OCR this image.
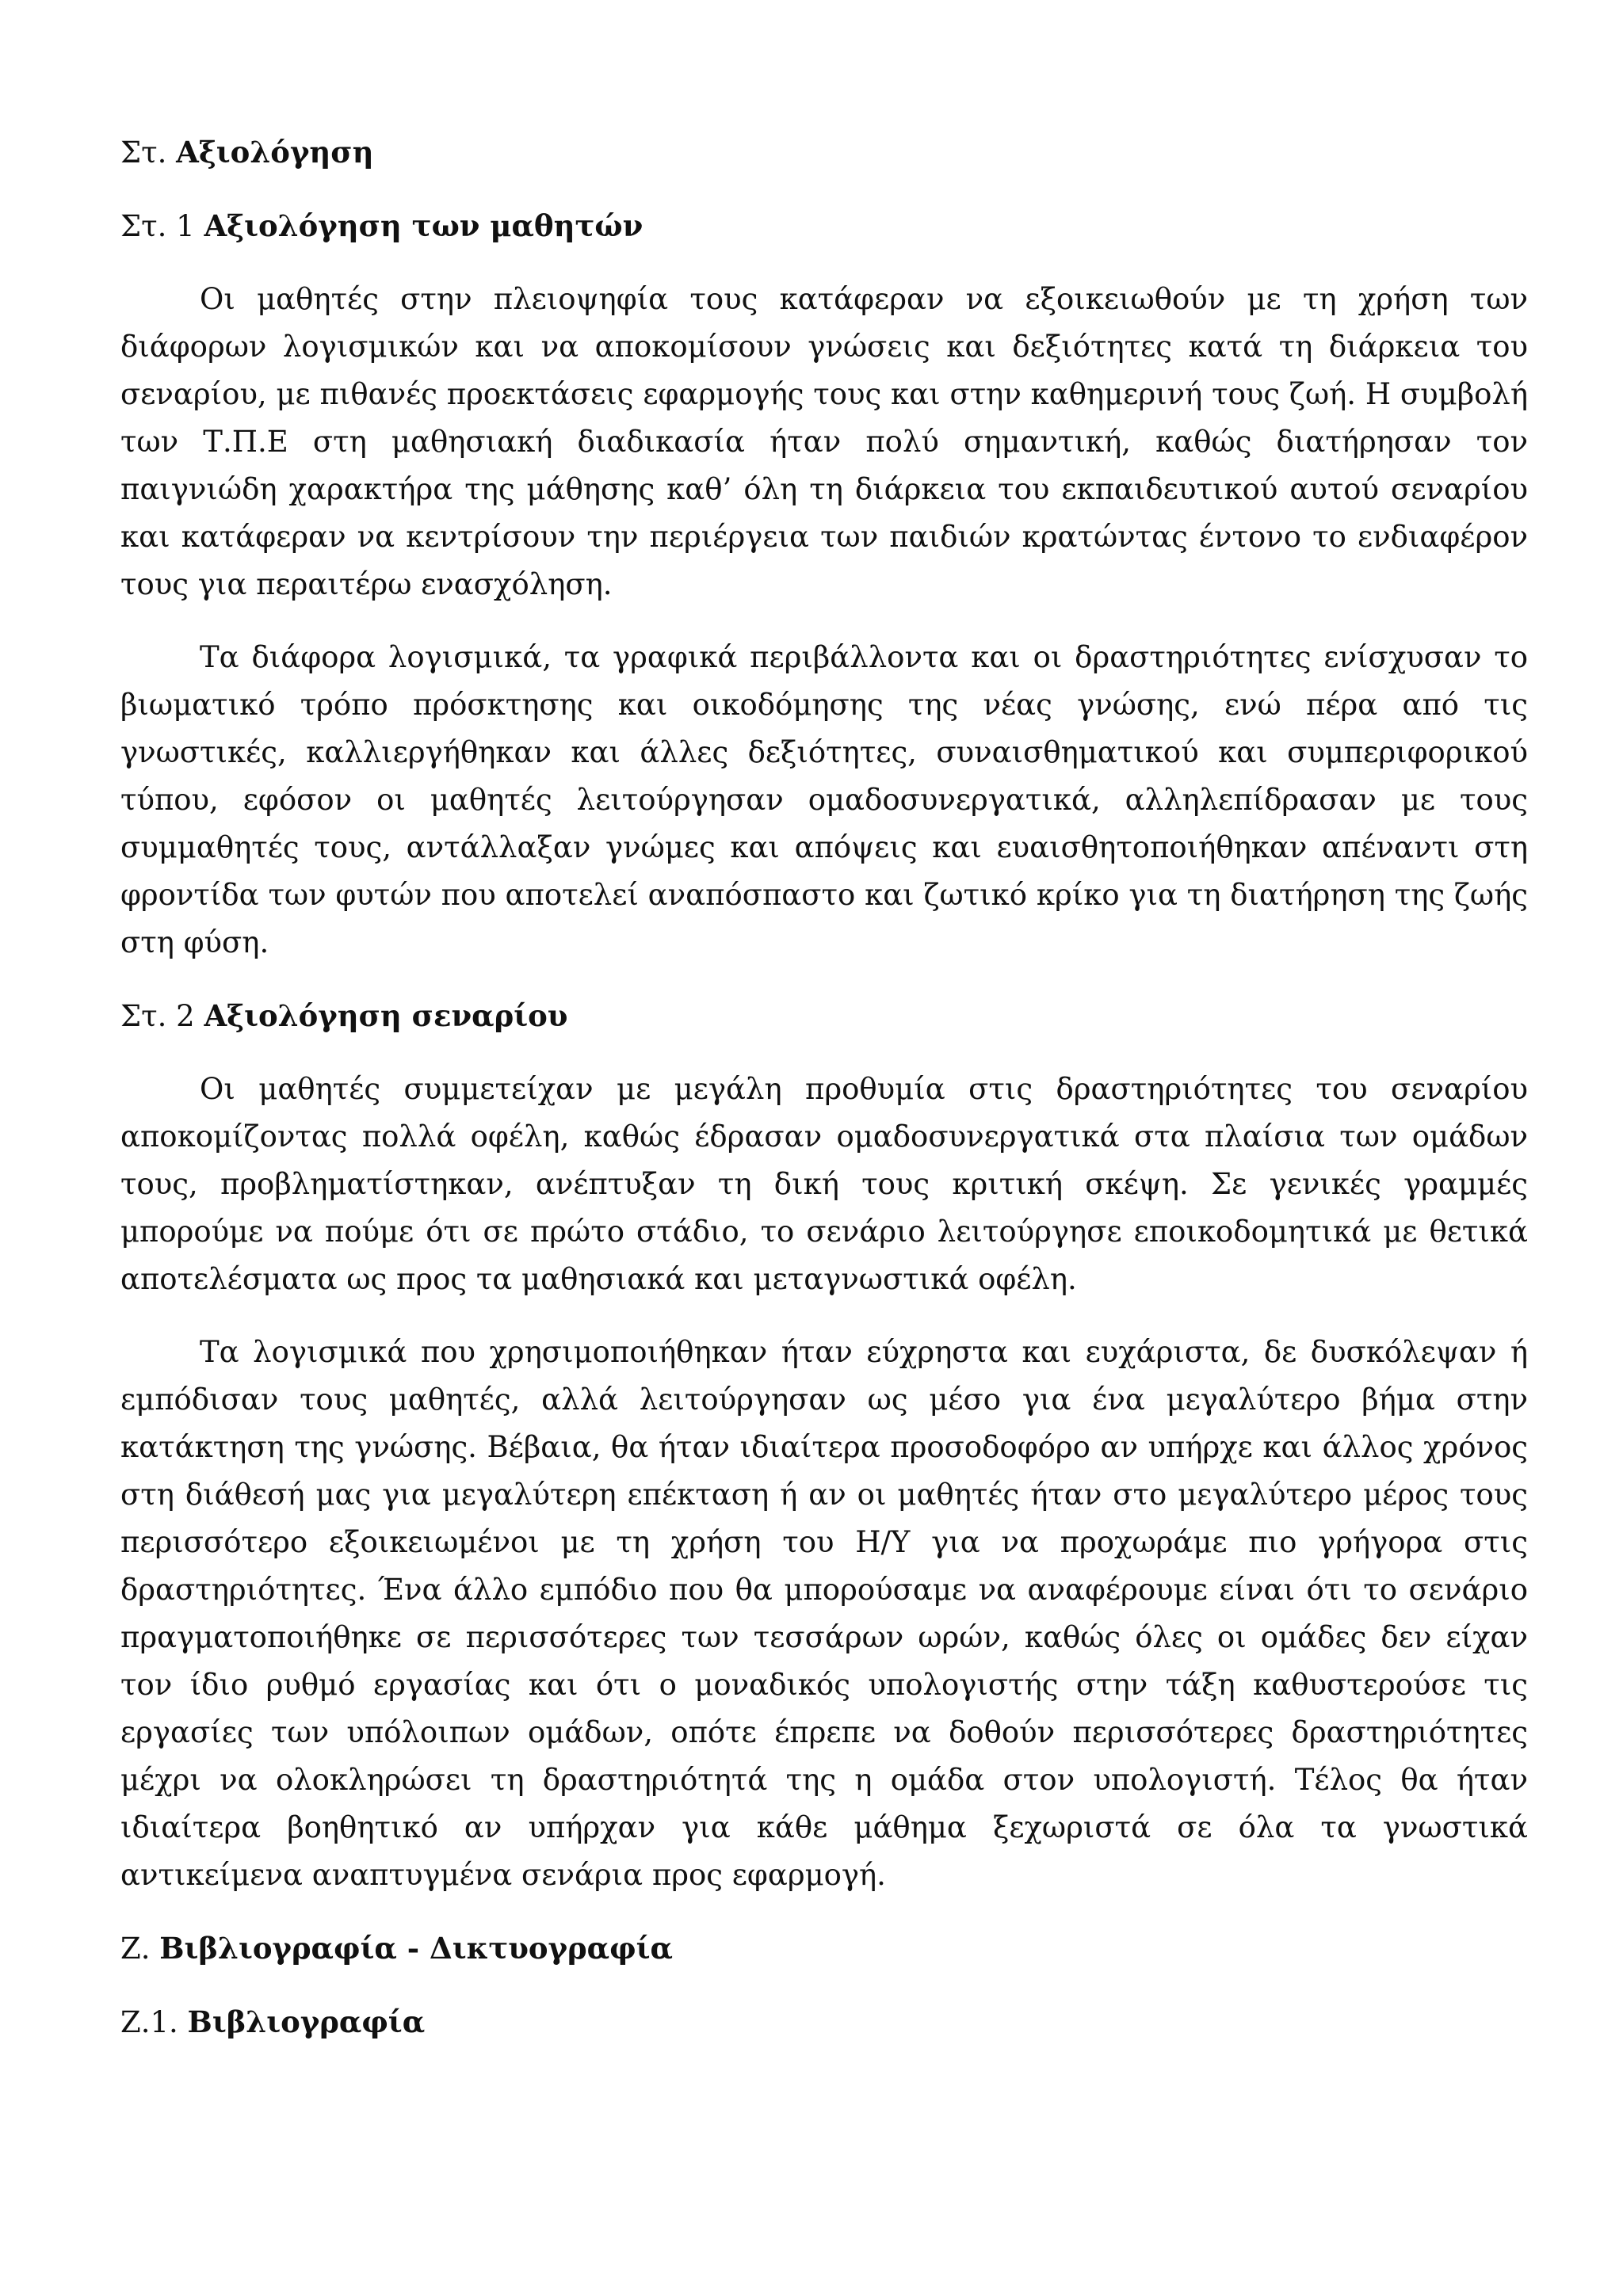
Στ. Αξιολόγηση

Στ. 1 Αξιολόγηση των μαθητών

Οι μαθητές στην πλειοψηφία τους κατάφεραν να εξοικειωθούν με τη χρήση των διάφορων λογισμικών και να αποκομίσουν γνώσεις και δεξιότητες κατά τη διάρκεια του σεναρίου, με πιθανές προεκτάσεις εφαρμογής τους και στην καθημερινή τους ζωή. Η συμβολή των Τ.Π.Ε στη μαθησιακή διαδικασία ήταν πολύ σημαντική, καθώς διατήρησαν τον παιγνιώδη χαρακτήρα της μάθησης καθ’ όλη τη διάρκεια του εκπαιδευτικού αυτού σεναρίου και κατάφεραν να κεντρίσουν την περιέργεια των παιδιών κρατώντας έντονο το ενδιαφέρον τους για περαιτέρω ενασχόληση.

Τα διάφορα λογισμικά, τα γραφικά περιβάλλοντα και οι δραστηριότητες ενίσχυσαν το βιωματικό τρόπο πρόσκτησης και οικοδόμησης της νέας γνώσης, ενώ πέρα από τις γνωστικές, καλλιεργήθηκαν και άλλες δεξιότητες, συναισθηματικού και συμπεριφορικού τύπου, εφόσον οι μαθητές λειτούργησαν ομαδοσυνεργατικά, αλληλεπίδρασαν με τους συμμαθητές τους, αντάλλαξαν γνώμες και απόψεις και ευαισθητοποιήθηκαν απέναντι στη φροντίδα των φυτών που αποτελεί αναπόσπαστο και ζωτικό κρίκο για τη διατήρηση της ζωής στη φύση.

Στ. 2 Αξιολόγηση σεναρίου

Οι μαθητές συμμετείχαν με μεγάλη προθυμία στις δραστηριότητες του σεναρίου αποκομίζοντας πολλά οφέλη, καθώς έδρασαν ομαδοσυνεργατικά στα πλαίσια των ομάδων τους, προβληματίστηκαν, ανέπτυξαν τη δική τους κριτική σκέψη. Σε γενικές γραμμές μπορούμε να πούμε ότι σε πρώτο στάδιο, το σενάριο λειτούργησε εποικοδομητικά με θετικά αποτελέσματα ως προς τα μαθησιακά και μεταγνωστικά οφέλη.

Τα λογισμικά που χρησιμοποιήθηκαν ήταν εύχρηστα και ευχάριστα, δε δυσκόλεψαν ή εμπόδισαν τους μαθητές, αλλά λειτούργησαν ως μέσο για ένα μεγαλύτερο βήμα στην κατάκτηση της γνώσης. Βέβαια, θα ήταν ιδιαίτερα προσοδοφόρο αν υπήρχε και άλλος χρόνος στη διάθεσή μας για μεγαλύτερη επέκταση ή αν οι μαθητές ήταν στο μεγαλύτερο μέρος τους περισσότερο εξοικειωμένοι με τη χρήση του Η/Υ για να προχωράμε πιο γρήγορα στις δραστηριότητες. Ένα άλλο εμπόδιο που θα μπορούσαμε να αναφέρουμε είναι ότι το σενάριο πραγματοποιήθηκε σε περισσότερες των τεσσάρων ωρών, καθώς όλες οι ομάδες δεν είχαν τον ίδιο ρυθμό εργασίας και ότι ο μοναδικός υπολογιστής στην τάξη καθυστερούσε τις εργασίες των υπόλοιπων ομάδων, οπότε έπρεπε να δοθούν περισσότερες δραστηριότητες μέχρι να ολοκληρώσει τη δραστηριότητά της η ομάδα στον υπολογιστή. Τέλος θα ήταν ιδιαίτερα βοηθητικό αν υπήρχαν για κάθε μάθημα ξεχωριστά σε όλα τα γνωστικά αντικείμενα αναπτυγμένα σενάρια προς εφαρμογή.

Ζ. Βιβλιογραφία - Δικτυογραφία

Ζ.1. Βιβλιογραφία
